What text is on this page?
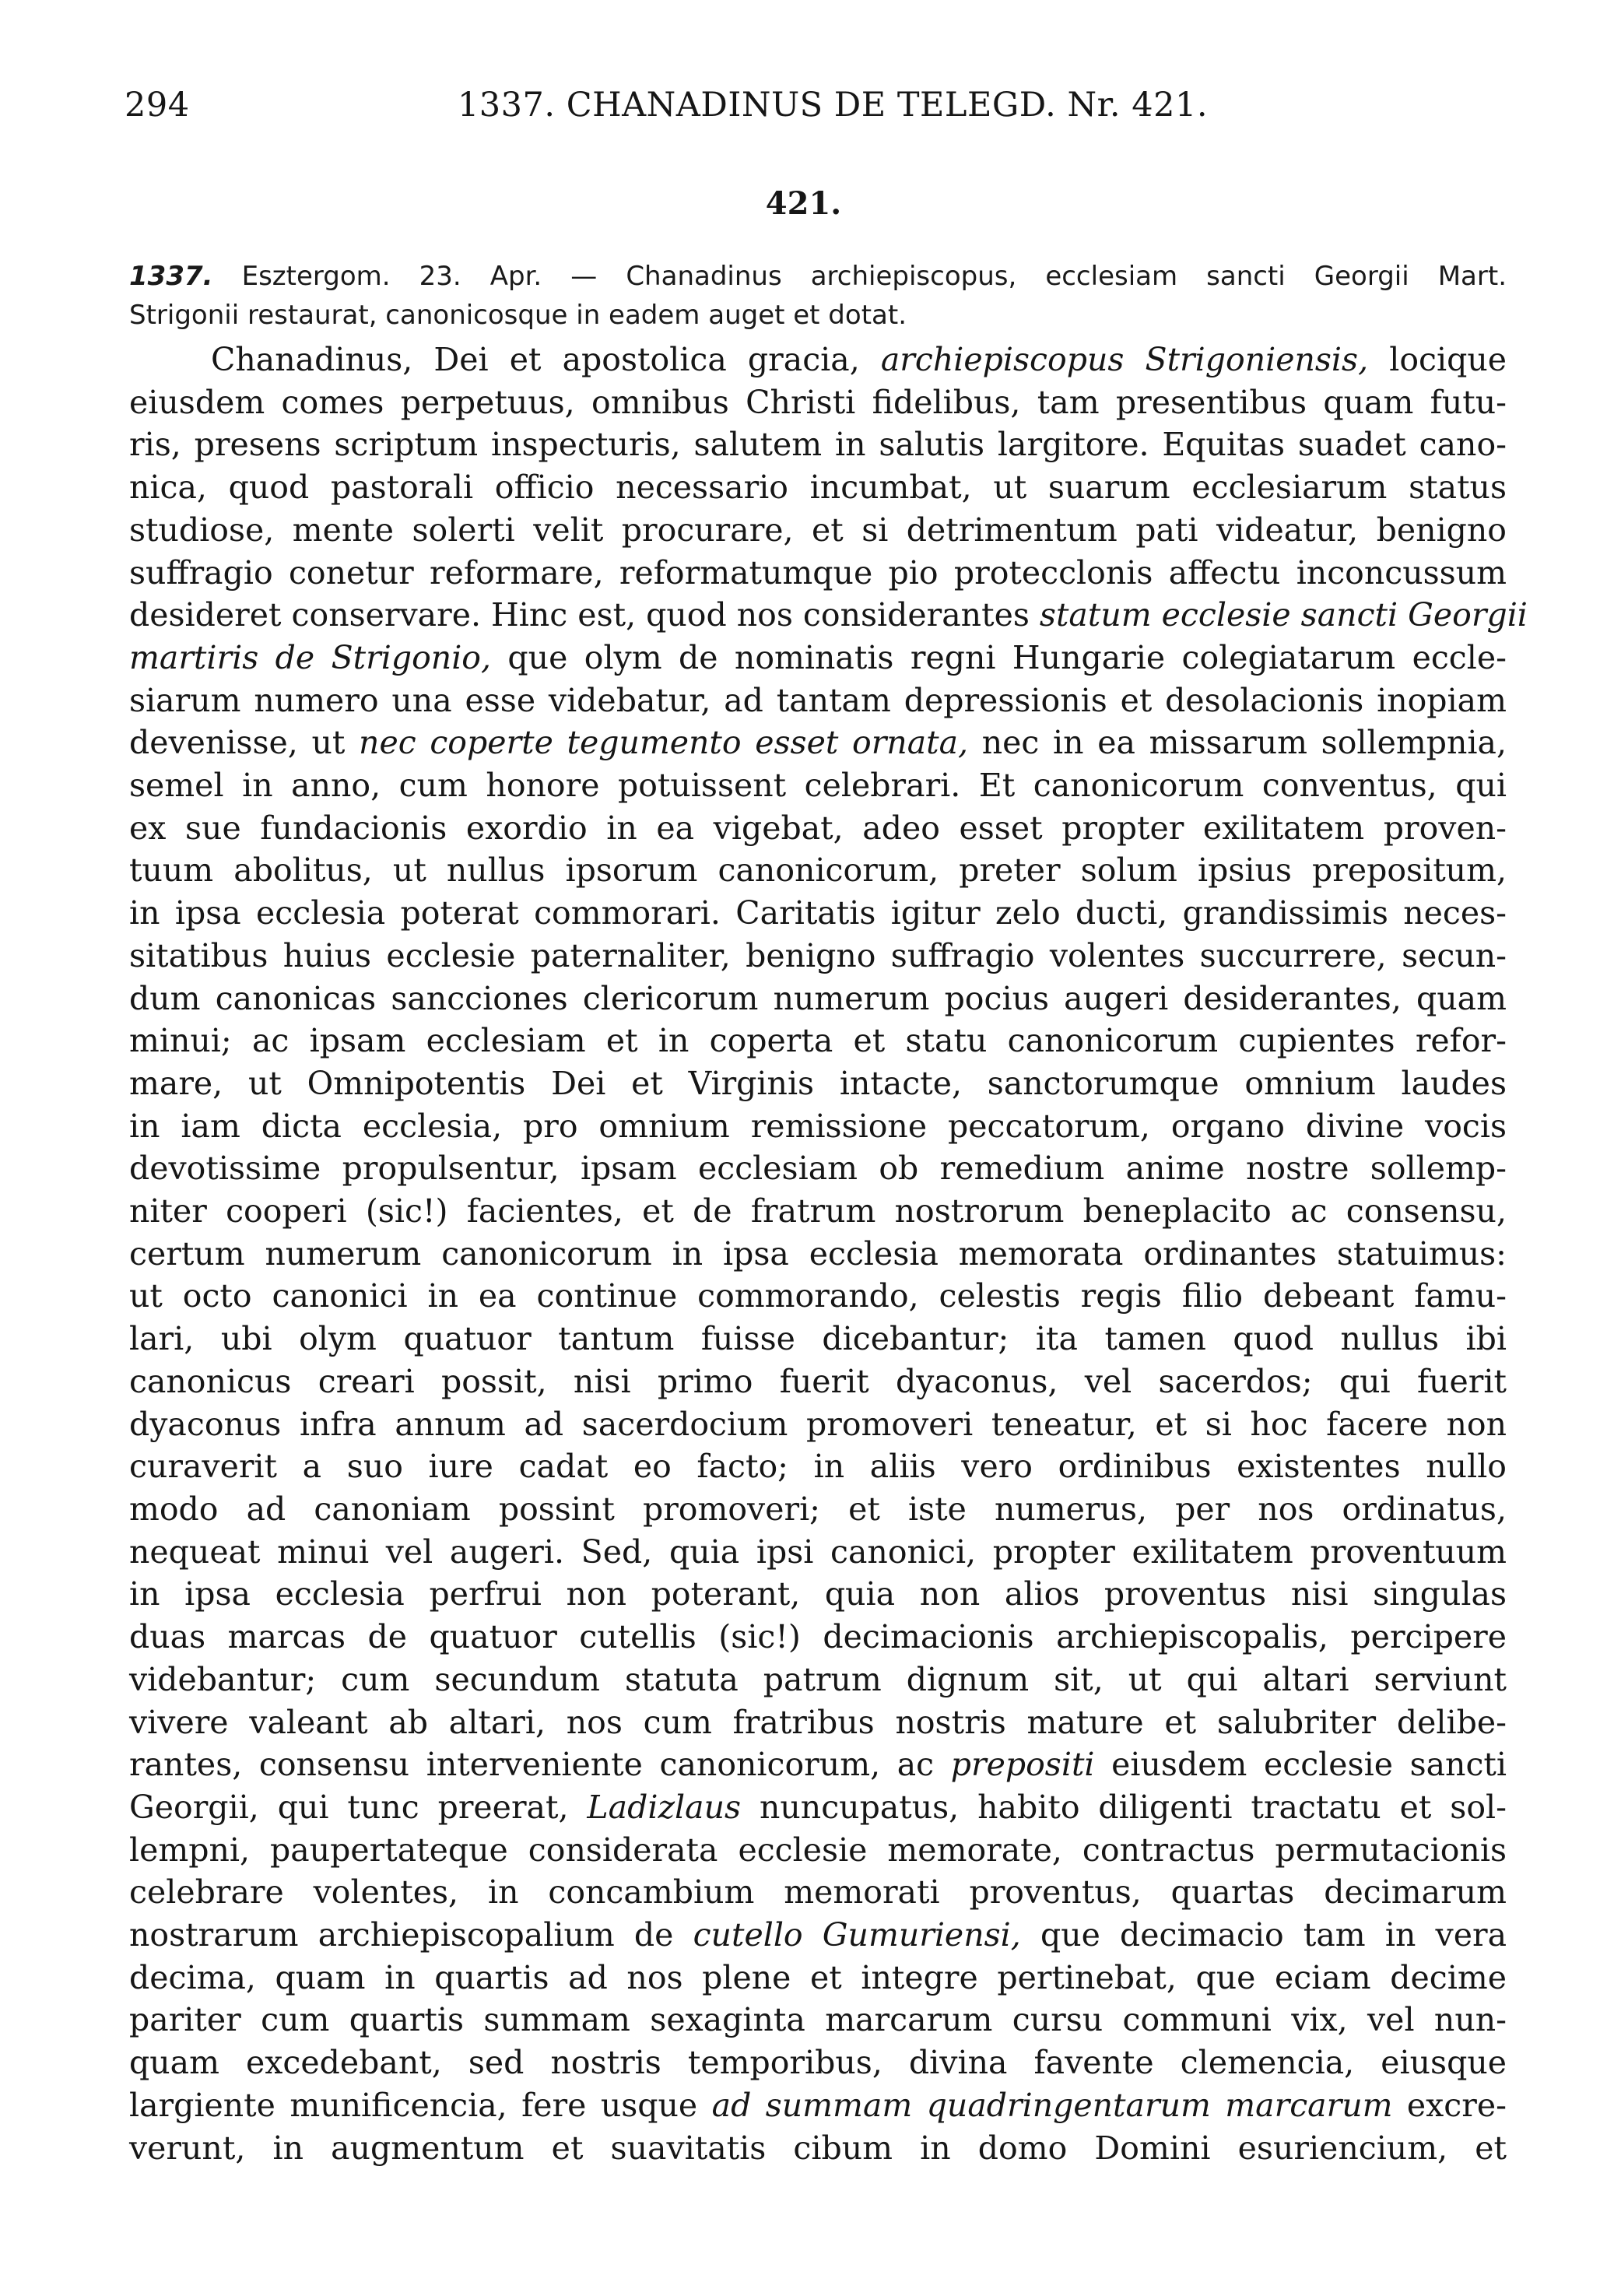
294	1337. CHANADINUS DE TELEGD. Nr. 421.
421.
1337. Esztergom. 23. Apr. — Chanadinus archiepiscopus, ecclesiam sancti Georgii Mart.
Strigonii restaurat, canonicosque in eadem auget et dotat.
Chanadinus, Dei et apostolica gracia, archiepiscopus Strigoniensis, locique
eiusdem comes perpetuus, omnibus Christi fidelibus, tam presentibus quam futu-
ris, presens scriptum inspecturis, salutem in salutis largitore. Equitas suadet cano-
nica, quod pastorali officio necessario incumbat, ut suarum ecclesiarum status
studiose, mente solerti velit procurare, et si detrimentum pati videatur, benigno
suffragio conetur reformare, reformatumque pio protecclonis affectu inconcussum
desideret conservare. Hinc est, quod nos considerantes statum ecclesie sancti Georgii
martiris de Strigonio, que olym de nominatis regni Hungarie colegiatarum eccle-
siarum numero una esse videbatur, ad tantam depressionis et desolacionis inopiam
devenisse, ut nec coperte tegumento esset ornata, nec in ea missarum sollempnia,
semel in anno, cum honore potuissent celebrari. Et canonicorum conventus, qui
ex sue fundacionis exordio in ea vigebat, adeo esset propter exilitatem proven-
tuum abolitus, ut nullus ipsorum canonicorum, preter solum ipsius prepositum,
in ipsa ecclesia poterat commorari. Caritatis igitur zelo ducti, grandissimis neces-
sitatibus huius ecclesie paternaliter, benigno suffragio volentes succurrere, secun-
dum canonicas sancciones clericorum numerum pocius augeri desiderantes, quam
minui; ac ipsam ecclesiam et in coperta et statu canonicorum cupientes refor-
mare, ut Omnipotentis Dei et Virginis intacte, sanctorumque omnium laudes
in iam dicta ecclesia, pro omnium remissione peccatorum, organo divine vocis
devotissime propulsentur, ipsam ecclesiam ob remedium anime nostre sollemp-
niter cooperi (sic!) facientes, et de fratrum nostrorum beneplacito ac consensu,
certum numerum canonicorum in ipsa ecclesia memorata ordinantes statuimus:
ut octo canonici in ea continue commorando, celestis regis filio debeant famu-
lari, ubi olym quatuor tantum fuisse dicebantur; ita tamen quod nullus ibi
canonicus creari possit, nisi primo fuerit dyaconus, vel sacerdos; qui fuerit
dyaconus infra annum ad sacerdocium promoveri teneatur, et si hoc facere non
curaverit a suo iure cadat eo facto; in aliis vero ordinibus existentes nullo
modo ad canoniam possint promoveri; et iste numerus, per nos ordinatus,
nequeat minui vel augeri. Sed, quia ipsi canonici, propter exilitatem proventuum
in ipsa ecclesia perfrui non poterant, quia non alios proventus nisi singulas
duas marcas de quatuor cutellis (sic!) decimacionis archiepiscopalis, percipere
videbantur; cum secundum statuta patrum dignum sit, ut qui altari serviunt
vivere valeant ab altari, nos cum fratribus nostris mature et salubriter delibe-
rantes, consensu interveniente canonicorum, ac prepositi eiusdem ecclesie sancti
Georgii, qui tunc preerat, Ladizlaus nuncupatus, habito diligenti tractatu et sol-
lempni, paupertateque considerata ecclesie memorate, contractus permutacionis
celebrare volentes, in concambium memorati proventus, quartas decimarum
nostrarum archiepiscopalium de cutello Gumuriensi, que decimacio tam in vera
decima, quam in quartis ad nos plene et integre pertinebat, que eciam decime
pariter cum quartis summam sexaginta marcarum cursu communi vix, vel nun-
quam excedebant, sed nostris temporibus, divina favente clemencia, eiusque
largiente munificencia, fere usque ad summam quadringentarum marcarum excre-
verunt, in augmentum et suavitatis cibum in domo Domini esuriencium, et
